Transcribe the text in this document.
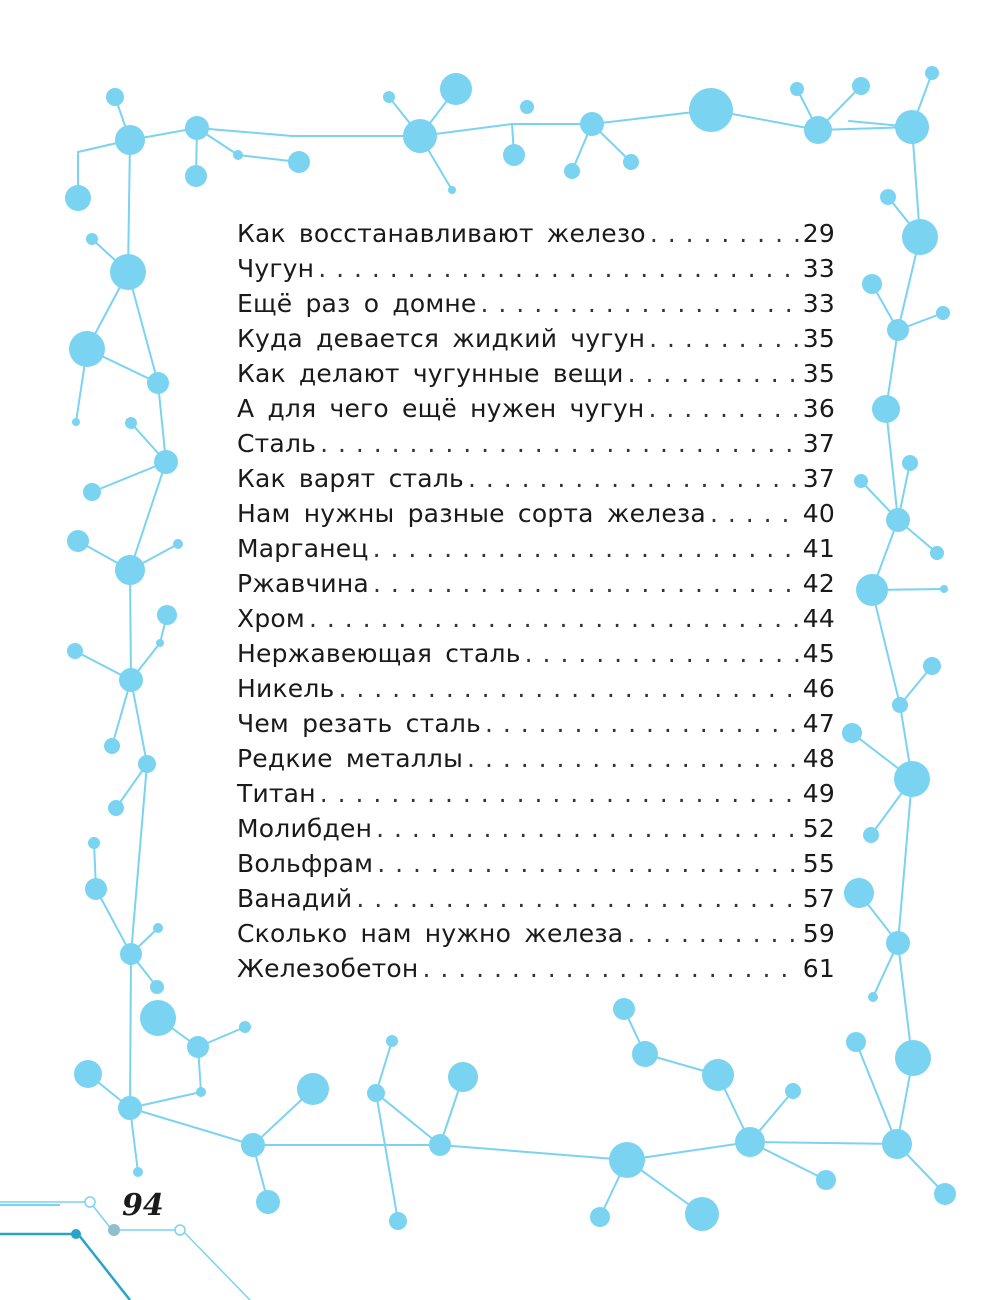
Как восстанавливают железо . . .	29
Чугун . . .	33
Ещё раз о домне . . .	33
Куда девается жидкий чугун . . .	35
Как делают чугунные вещи . . .	35
А для чего ещё нужен чугун . . .	36
Сталь . . .	37
Как варят сталь . . .	37
Нам нужны разные сорта железа . . .	40
Марганец . . .	41
Ржавчина . . .	42
Хром . . .	44
Нержавеющая сталь . . .	45
Никель . . .	46
Чем резать сталь . . .	47
Редкие металлы . . .	48
Титан . . .	49
Молибден . . .	52
Вольфрам . . .	55
Ванадий . . .	57
Сколько нам нужно железа . . .	59
Железобетон . . .	61
94
